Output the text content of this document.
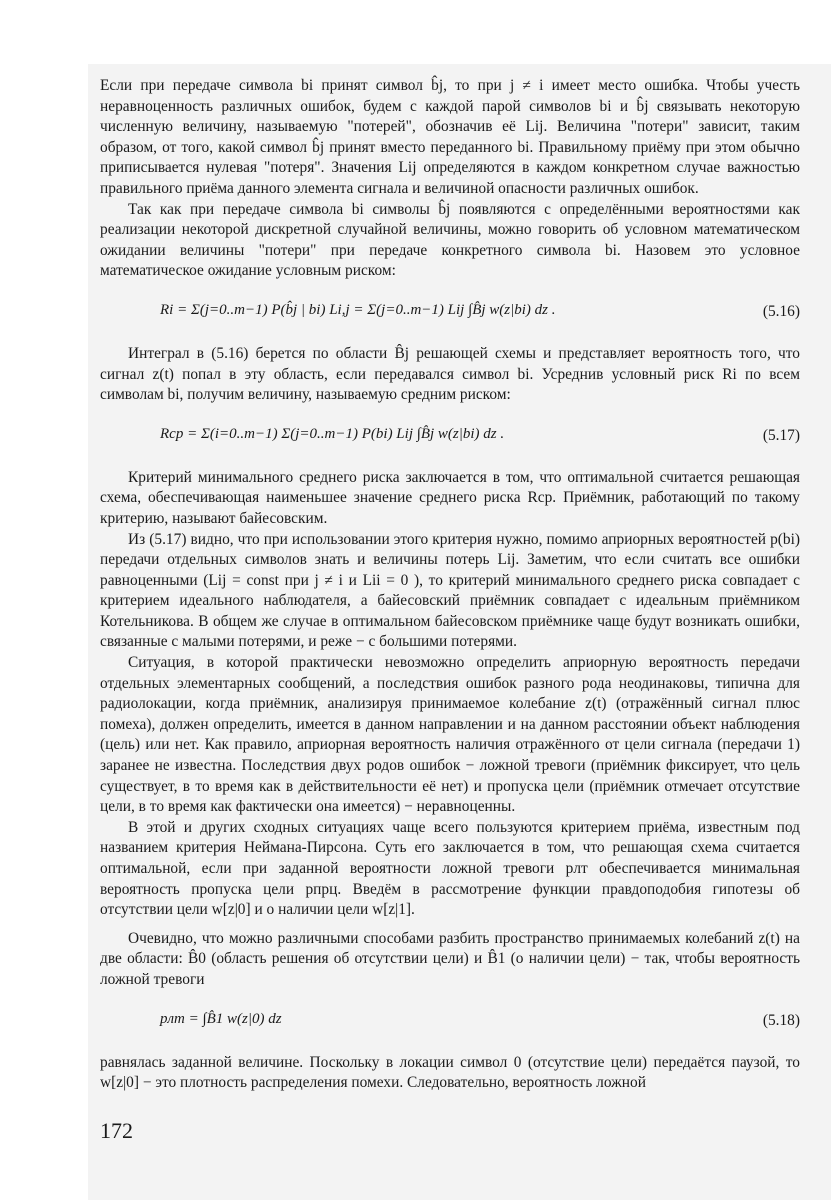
Если при передаче символа bi принят символ b̂j, то при j ≠ i имеет место ошибка. Чтобы учесть неравноценность различных ошибок, будем с каждой парой символов bi и b̂j связывать некоторую численную величину, называемую "потерей", обозначив её Lij. Величина "потери" зависит, таким образом, от того, какой символ b̂j принят вместо переданного bi. Правильному приёму при этом обычно приписывается нулевая "потеря". Значения Lij определяются в каждом конкретном случае важностью правильного приёма данного элемента сигнала и величиной опасности различных ошибок.

Так как при передаче символа bi символы b̂j появляются с определёнными вероятностями как реализации некоторой дискретной случайной величины, можно говорить об условном математическом ожидании величины "потери" при передаче конкретного символа bi. Назовем это условное математическое ожидание условным риском:

Ri = Σ(j=0..m−1) P(b̂j | bi) Li,j = Σ(j=0..m−1) Lij ∫B̂j w(z|bi) dz .	(5.16)

Интеграл в (5.16) берется по области B̂j решающей схемы и представляет вероятность того, что сигнал z(t) попал в эту область, если передавался символ bi. Усреднив условный риск Ri по всем символам bi, получим величину, называемую средним риском:

Rср = Σ(i=0..m−1) Σ(j=0..m−1) P(bi) Lij ∫B̂j w(z|bi) dz .	(5.17)

Критерий минимального среднего риска заключается в том, что оптимальной считается решающая схема, обеспечивающая наименьшее значение среднего риска Rср. Приёмник, работающий по такому критерию, называют байесовским.

Из (5.17) видно, что при использовании этого критерия нужно, помимо априорных вероятностей p(bi) передачи отдельных символов знать и величины потерь Lij. Заметим, что если считать все ошибки равноценными (Lij = const при j ≠ i и Lii = 0 ), то критерий минимального среднего риска совпадает с критерием идеального наблюдателя, а байесовский приёмник совпадает с идеальным приёмником Котельникова. В общем же случае в оптимальном байесовском приёмнике чаще будут возникать ошибки, связанные с малыми потерями, и реже − с большими потерями.

Ситуация, в которой практически невозможно определить априорную вероятность передачи отдельных элементарных сообщений, а последствия ошибок разного рода неодинаковы, типична для радиолокации, когда приёмник, анализируя принимаемое колебание z(t) (отражённый сигнал плюс помеха), должен определить, имеется в данном направлении и на данном расстоянии объект наблюдения (цель) или нет. Как правило, априорная вероятность наличия отражённого от цели сигнала (передачи 1) заранее не известна. Последствия двух родов ошибок − ложной тревоги (приёмник фиксирует, что цель существует, в то время как в действительности её нет) и пропуска цели (приёмник отмечает отсутствие цели, в то время как фактически она имеется) − неравноценны.

В этой и других сходных ситуациях чаще всего пользуются критерием приёма, известным под названием критерия Неймана-Пирсона. Суть его заключается в том, что решающая схема считается оптимальной, если при заданной вероятности ложной тревоги pлт обеспечивается минимальная вероятность пропуска цели pпрц. Введём в рассмотрение функции правдоподобия гипотезы об отсутствии цели w[z|0] и о наличии цели w[z|1].

Очевидно, что можно различными способами разбить пространство принимаемых колебаний z(t) на две области: B̂0 (область решения об отсутствии цели) и B̂1 (о наличии цели) − так, чтобы вероятность ложной тревоги

pлт = ∫B̂1 w(z|0) dz	(5.18)

равнялась заданной величине. Поскольку в локации символ 0 (отсутствие цели) передаётся паузой, то w[z|0] − это плотность распределения помехи. Следовательно, вероятность ложной

172
